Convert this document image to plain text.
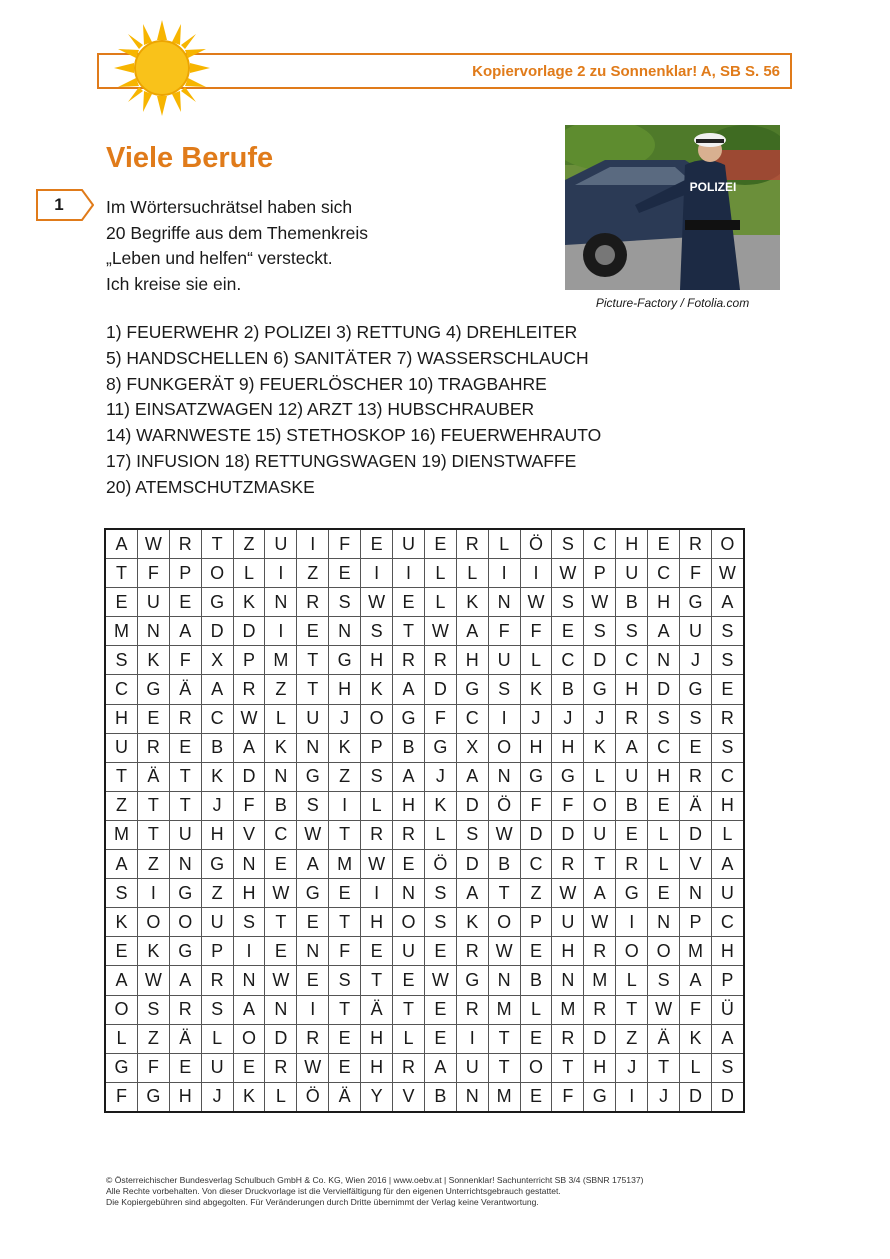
Kopiervorlage 2 zu Sonnenklar! A, SB S. 56
Viele Berufe
1	Im Wörtersuchrätsel haben sich
20 Begriffe aus dem Themenkreis
„Leben und helfen“ versteckt.
Ich kreise sie ein.
POLIZEI
Picture-Factory / Fotolia.com
1) FEUERWEHR 2) POLIZEI 3) RETTUNG 4) DREHLEITER
5) HANDSCHELLEN 6) SANITÄTER 7) WASSERSCHLAUCH
8) FUNKGERÄT 9) FEUERLÖSCHER 10) TRAGBAHRE
11) EINSATZWAGEN 12) ARZT 13) HUBSCHRAUBER
14) WARNWESTE 15) STETHOSKOP 16) FEUERWEHRAUTO
17) INFUSION 18) RETTUNGSWAGEN 19) DIENSTWAFFE
20) ATEMSCHUTZMASKE
A	W	R	T	Z	U	I	F	E	U	E	R	L	Ö	S	C	H	E	R	O
T	F	P	O	L	I	Z	E	I	I	L	L	I	I	W	P	U	C	F	W
E	U	E	G	K	N	R	S	W	E	L	K	N	W	S	W	B	H	G	A
M	N	A	D	D	I	E	N	S	T	W	A	F	F	E	S	S	A	U	S
S	K	F	X	P	M	T	G	H	R	R	H	U	L	C	D	C	N	J	S
C	G	Ä	A	R	Z	T	H	K	A	D	G	S	K	B	G	H	D	G	E
H	E	R	C	W	L	U	J	O	G	F	C	I	J	J	J	R	S	S	R
U	R	E	B	A	K	N	K	P	B	G	X	O	H	H	K	A	C	E	S
T	Ä	T	K	D	N	G	Z	S	A	J	A	N	G	G	L	U	H	R	C
Z	T	T	J	F	B	S	I	L	H	K	D	Ö	F	F	O	B	E	Ä	H
M	T	U	H	V	C	W	T	R	R	L	S	W	D	D	U	E	L	D	L
A	Z	N	G	N	E	A	M	W	E	Ö	D	B	C	R	T	R	L	V	A
S	I	G	Z	H	W	G	E	I	N	S	A	T	Z	W	A	G	E	N	U
K	O	O	U	S	T	E	T	H	O	S	K	O	P	U	W	I	N	P	C
E	K	G	P	I	E	N	F	E	U	E	R	W	E	H	R	O	O	M	H
A	W	A	R	N	W	E	S	T	E	W	G	N	B	N	M	L	S	A	P
O	S	R	S	A	N	I	T	Ä	T	E	R	M	L	M	R	T	W	F	Ü
L	Z	Ä	L	O	D	R	E	H	L	E	I	T	E	R	D	Z	Ä	K	A
G	F	E	U	E	R	W	E	H	R	A	U	T	O	T	H	J	T	L	S
F	G	H	J	K	L	Ö	Ä	Y	V	B	N	M	E	F	G	I	J	D	D
© Österreichischer Bundesverlag Schulbuch GmbH & Co. KG, Wien 2016 | www.oebv.at | Sonnenklar! Sachunterricht SB 3/4 (SBNR 175137)
Alle Rechte vorbehalten. Von dieser Druckvorlage ist die Vervielfältigung für den eigenen Unterrichtsgebrauch gestattet.
Die Kopiergebühren sind abgegolten. Für Veränderungen durch Dritte übernimmt der Verlag keine Verantwortung.
